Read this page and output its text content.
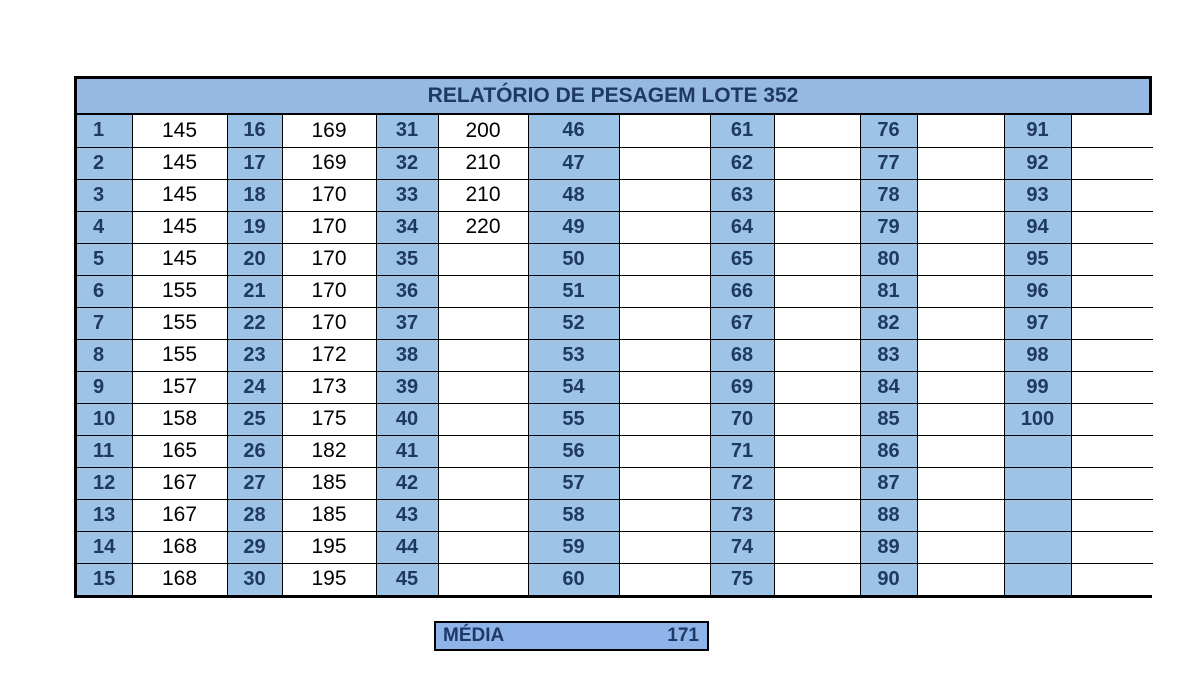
RELATÓRIO DE PESAGEM LOTE 352
1	145	16	169	31	200	46		61		76		91	
2	145	17	169	32	210	47		62		77		92	
3	145	18	170	33	210	48		63		78		93	
4	145	19	170	34	220	49		64		79		94	
5	145	20	170	35		50		65		80		95	
6	155	21	170	36		51		66		81		96	
7	155	22	170	37		52		67		82		97	
8	155	23	172	38		53		68		83		98	
9	157	24	173	39		54		69		84		99	
10	158	25	175	40		55		70		85		100	
11	165	26	182	41		56		71		86			
12	167	27	185	42		57		72		87			
13	167	28	185	43		58		73		88			
14	168	29	195	44		59		74		89			
15	168	30	195	45		60		75		90			
MÉDIA	171
